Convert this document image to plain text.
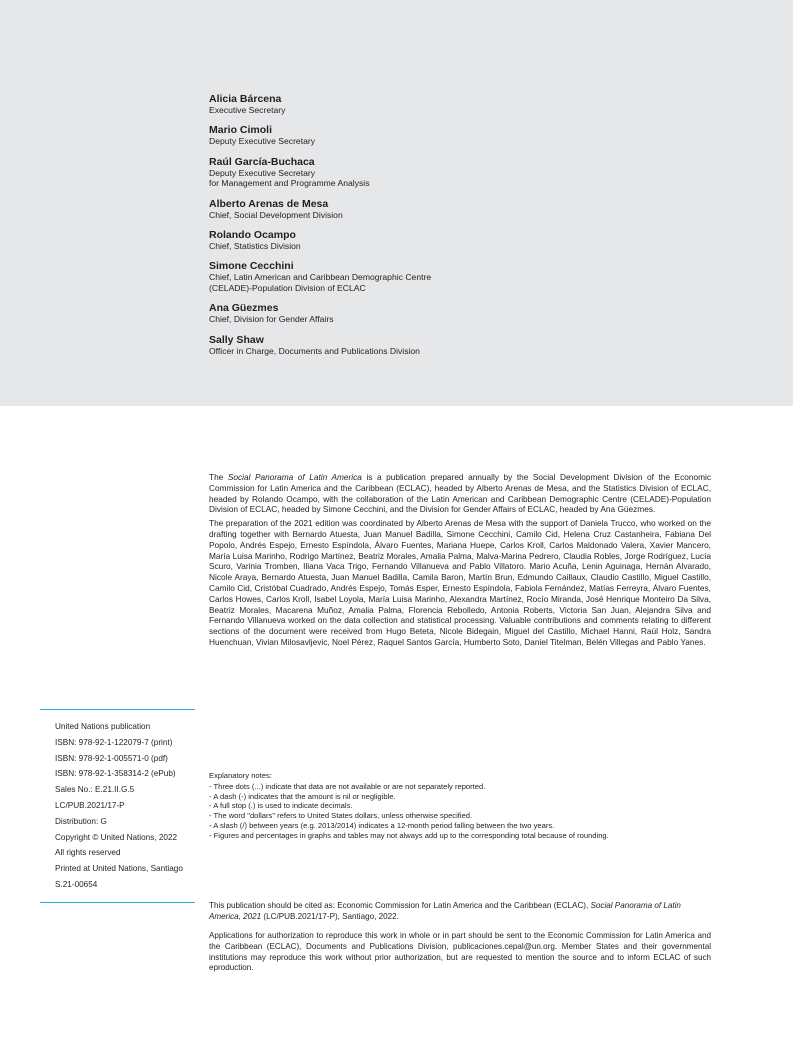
Alicia Bárcena
Executive Secretary
Mario Cimoli
Deputy Executive Secretary
Raúl García-Buchaca
Deputy Executive Secretary
for Management and Programme Analysis
Alberto Arenas de Mesa
Chief, Social Development Division
Rolando Ocampo
Chief, Statistics Division
Simone Cecchini
Chief, Latin American and Caribbean Demographic Centre
(CELADE)-Population Division of ECLAC
Ana Güezmes
Chief, Division for Gender Affairs
Sally Shaw
Officer in Charge, Documents and Publications Division

The Social Panorama of Latin America is a publication prepared annually by the Social Development Division of the Economic Commission for Latin America and the Caribbean (ECLAC), headed by Alberto Arenas de Mesa, and the Statistics Division of ECLAC, headed by Rolando Ocampo, with the collaboration of the Latin American and Caribbean Demographic Centre (CELADE)-Population Division of ECLAC, headed by Simone Cecchini, and the Division for Gender Affairs of ECLAC, headed by Ana Güezmes.

The preparation of the 2021 edition was coordinated by Alberto Arenas de Mesa with the support of Daniela Trucco, who worked on the drafting together with Bernardo Atuesta, Juan Manuel Badilla, Simone Cecchini, Camilo Cid, Helena Cruz Castanheira, Fabiana Del Popolo, Andrés Espejo, Ernesto Espíndola, Álvaro Fuentes, Mariana Huepe, Carlos Kroll, Carlos Maldonado Valera, Xavier Mancero, María Luisa Marinho, Rodrigo Martínez, Beatriz Morales, Amalia Palma, Malva-Marina Pedrero, Claudia Robles, Jorge Rodríguez, Lucía Scuro, Varinia Tromben, Iliana Vaca Trigo, Fernando Villanueva and Pablo Villatoro. Mario Acuña, Lenin Aguinaga, Hernán Alvarado, Nicole Araya, Bernardo Atuesta, Juan Manuel Badilla, Camila Baron, Martín Brun, Edmundo Caillaux, Claudio Castillo, Miguel Castillo, Camilo Cid, Cristóbal Cuadrado, Andrés Espejo, Tomás Esper, Ernesto Espíndola, Fabiola Fernández, Matías Ferreyra, Álvaro Fuentes, Carlos Howes, Carlos Kroll, Isabel Loyola, María Luisa Marinho, Alexandra Martínez, Rocío Miranda, José Henrique Monteiro Da Silva, Beatriz Morales, Macarena Muñoz, Amalia Palma, Florencia Rebolledo, Antonia Roberts, Victoria San Juan, Alejandra Silva and Fernando Villanueva worked on the data collection and statistical processing. Valuable contributions and comments relating to different sections of the document were received from Hugo Beteta, Nicole Bidegain, Miguel del Castillo, Michael Hanni, Raúl Holz, Sandra Huenchuan, Vivian Milosavljevic, Noel Pérez, Raquel Santos García, Humberto Soto, Daniel Titelman, Belén Villegas and Pablo Yanes.

United Nations publication
ISBN: 978-92-1-122079-7 (print)
ISBN: 978-92-1-005571-0 (pdf)
ISBN: 978-92-1-358314-2 (ePub)
Sales No.: E.21.II.G.5
LC/PUB.2021/17-P
Distribution: G
Copyright © United Nations, 2022
All rights reserved
Printed at United Nations, Santiago
S.21-00654
Explanatory notes:
- Three dots (...) indicate that data are not available or are not separately reported.
- A dash (-) indicates that the amount is nil or negligible.
- A full stop (.) is used to indicate decimals.
- The word "dollars" refers to United States dollars, unless otherwise specified.
- A slash (/) between years (e.g. 2013/2014) indicates a 12-month period falling between the two years.
- Figures and percentages in graphs and tables may not always add up to the corresponding total because of rounding.
This publication should be cited as: Economic Commission for Latin America and the Caribbean (ECLAC), Social Panorama of Latin America, 2021 (LC/PUB.2021/17-P), Santiago, 2022.
Applications for authorization to reproduce this work in whole or in part should be sent to the Economic Commission for Latin America and the Caribbean (ECLAC), Documents and Publications Division, publicaciones.cepal@un.org. Member States and their governmental institutions may reproduce this work without prior authorization, but are requested to mention the source and to inform ECLAC of such eproduction.
